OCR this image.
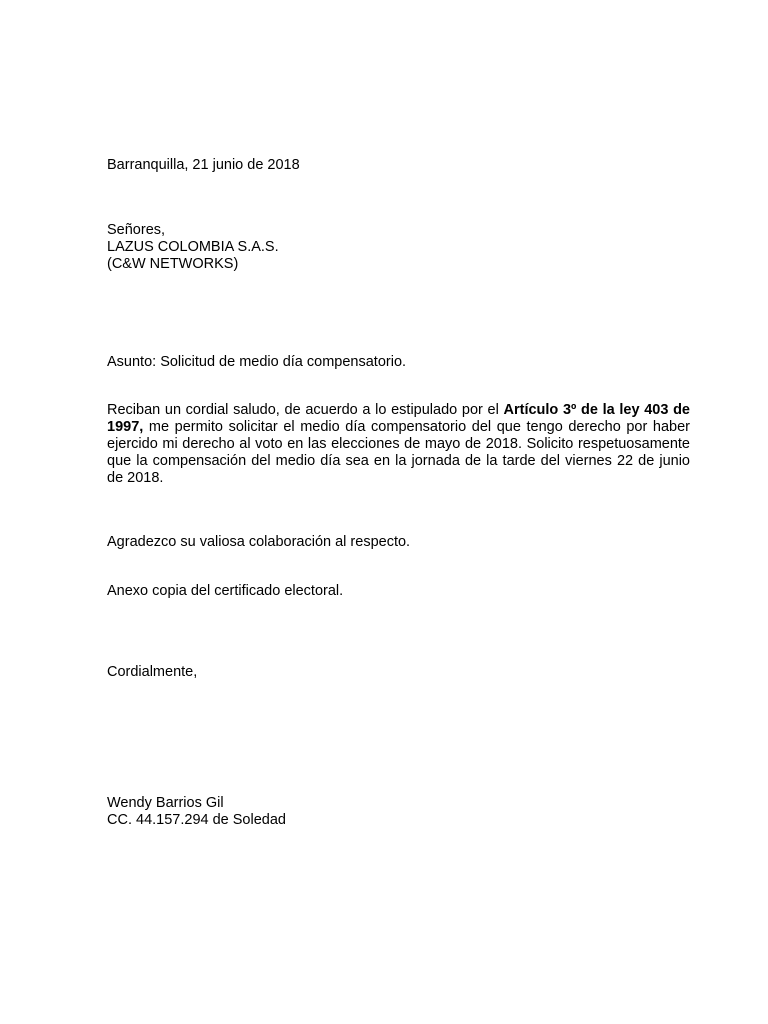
Barranquilla, 21 junio de 2018
Señores,
LAZUS COLOMBIA S.A.S.
(C&W NETWORKS)
Asunto: Solicitud de medio día compensatorio.
Reciban un cordial saludo, de acuerdo a lo estipulado por el Artículo 3º de la ley 403 de 1997, me permito solicitar el medio día compensatorio del que tengo derecho por haber ejercido mi derecho al voto en las elecciones de mayo de 2018. Solicito respetuosamente que la compensación del medio día sea en la jornada de la tarde del viernes 22 de junio de 2018.
Agradezco su valiosa colaboración al respecto.
Anexo copia del certificado electoral.
Cordialmente,
Wendy Barrios Gil
CC. 44.157.294 de Soledad
